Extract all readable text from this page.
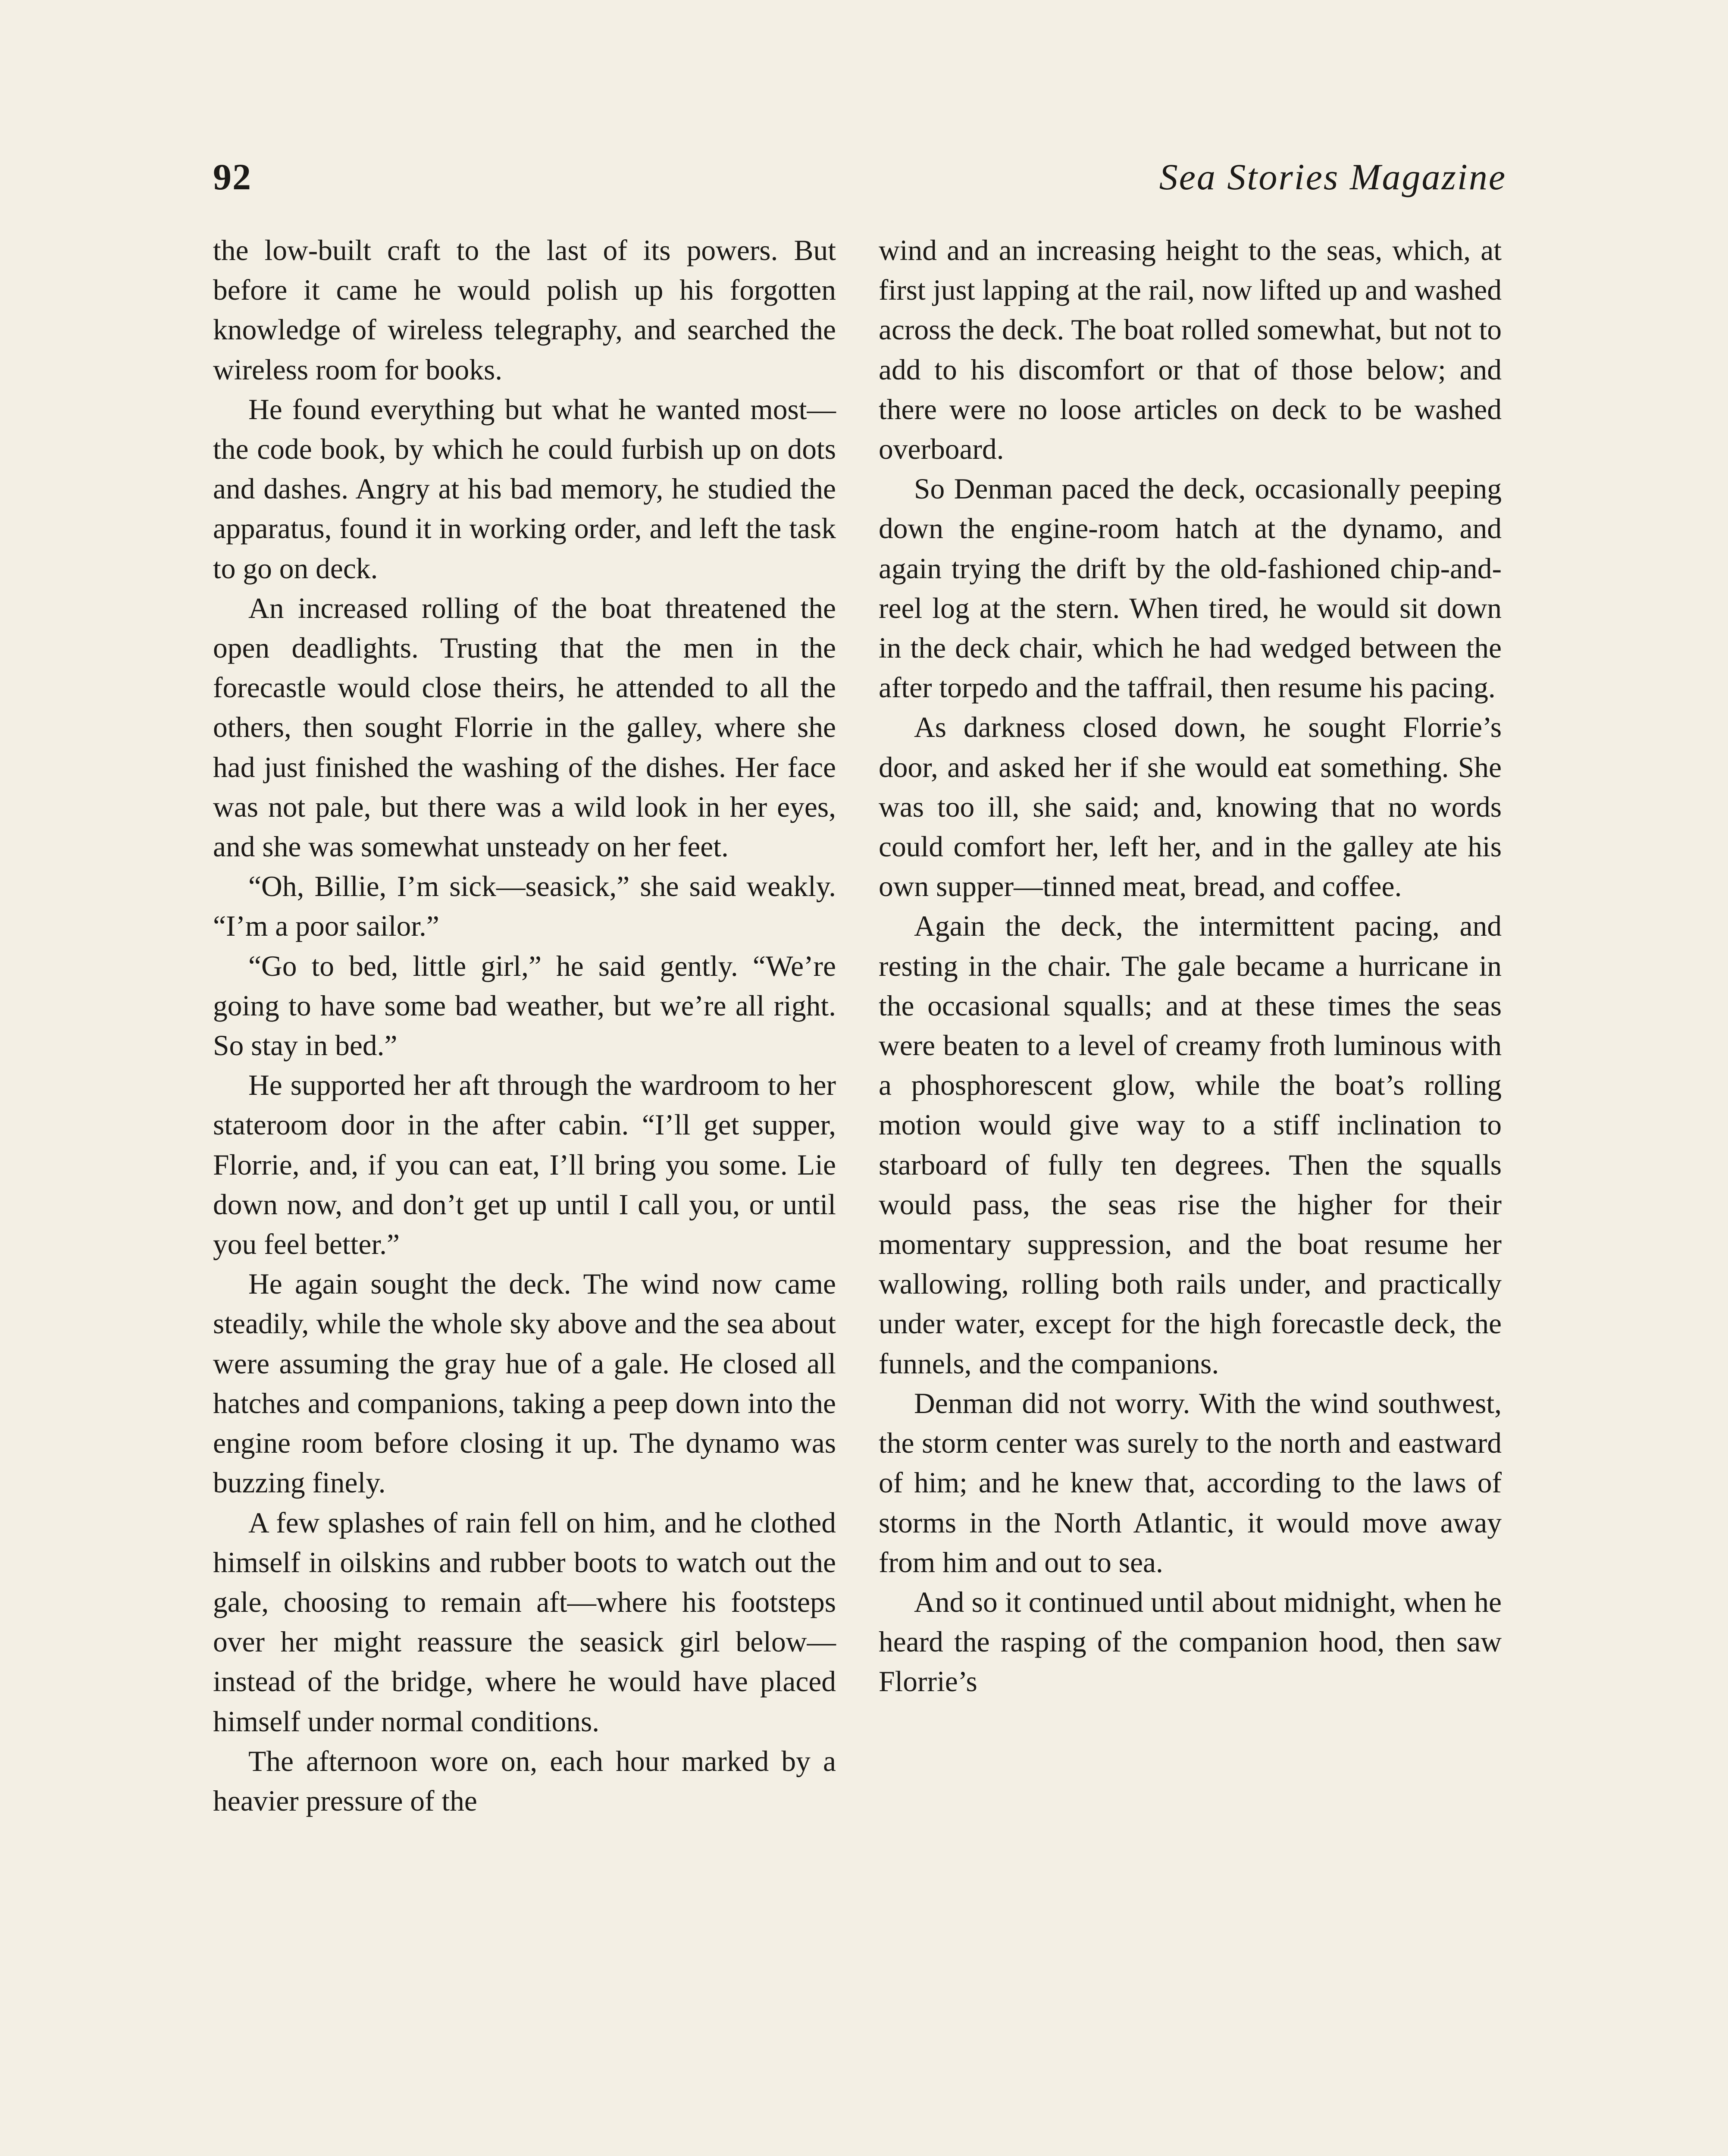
92	Sea Stories Magazine

the low-built craft to the last of its powers. But before it came he would polish up his forgotten knowledge of wireless telegraphy, and searched the wireless room for books.

He found everything but what he wanted most—the code book, by which he could furbish up on dots and dashes. Angry at his bad memory, he studied the apparatus, found it in working order, and left the task to go on deck.

An increased rolling of the boat threatened the open deadlights. Trusting that the men in the forecastle would close theirs, he attended to all the others, then sought Florrie in the galley, where she had just finished the washing of the dishes. Her face was not pale, but there was a wild look in her eyes, and she was somewhat unsteady on her feet.

“Oh, Billie, I’m sick—seasick,” she said weakly. “I’m a poor sailor.”

“Go to bed, little girl,” he said gently. “We’re going to have some bad weather, but we’re all right. So stay in bed.”

He supported her aft through the wardroom to her stateroom door in the after cabin. “I’ll get supper, Florrie, and, if you can eat, I’ll bring you some. Lie down now, and don’t get up until I call you, or until you feel better.”

He again sought the deck. The wind now came steadily, while the whole sky above and the sea about were assuming the gray hue of a gale. He closed all hatches and companions, taking a peep down into the engine room before closing it up. The dynamo was buzzing finely.

A few splashes of rain fell on him, and he clothed himself in oilskins and rubber boots to watch out the gale, choosing to remain aft—where his footsteps over her might reassure the seasick girl below—instead of the bridge, where he would have placed himself under normal conditions.

The afternoon wore on, each hour marked by a heavier pressure of the

wind and an increasing height to the seas, which, at first just lapping at the rail, now lifted up and washed across the deck. The boat rolled somewhat, but not to add to his discomfort or that of those below; and there were no loose articles on deck to be washed overboard.

So Denman paced the deck, occasionally peeping down the engine-room hatch at the dynamo, and again trying the drift by the old-fashioned chip-and-reel log at the stern. When tired, he would sit down in the deck chair, which he had wedged between the after torpedo and the taffrail, then resume his pacing.

As darkness closed down, he sought Florrie’s door, and asked her if she would eat something. She was too ill, she said; and, knowing that no words could comfort her, left her, and in the galley ate his own supper—tinned meat, bread, and coffee.

Again the deck, the intermittent pacing, and resting in the chair. The gale became a hurricane in the occasional squalls; and at these times the seas were beaten to a level of creamy froth luminous with a phosphorescent glow, while the boat’s rolling motion would give way to a stiff inclination to starboard of fully ten degrees. Then the squalls would pass, the seas rise the higher for their momentary suppression, and the boat resume her wallowing, rolling both rails under, and practically under water, except for the high forecastle deck, the funnels, and the companions.

Denman did not worry. With the wind southwest, the storm center was surely to the north and eastward of him; and he knew that, according to the laws of storms in the North Atlantic, it would move away from him and out to sea.

And so it continued until about midnight, when he heard the rasping of the companion hood, then saw Florrie’s
